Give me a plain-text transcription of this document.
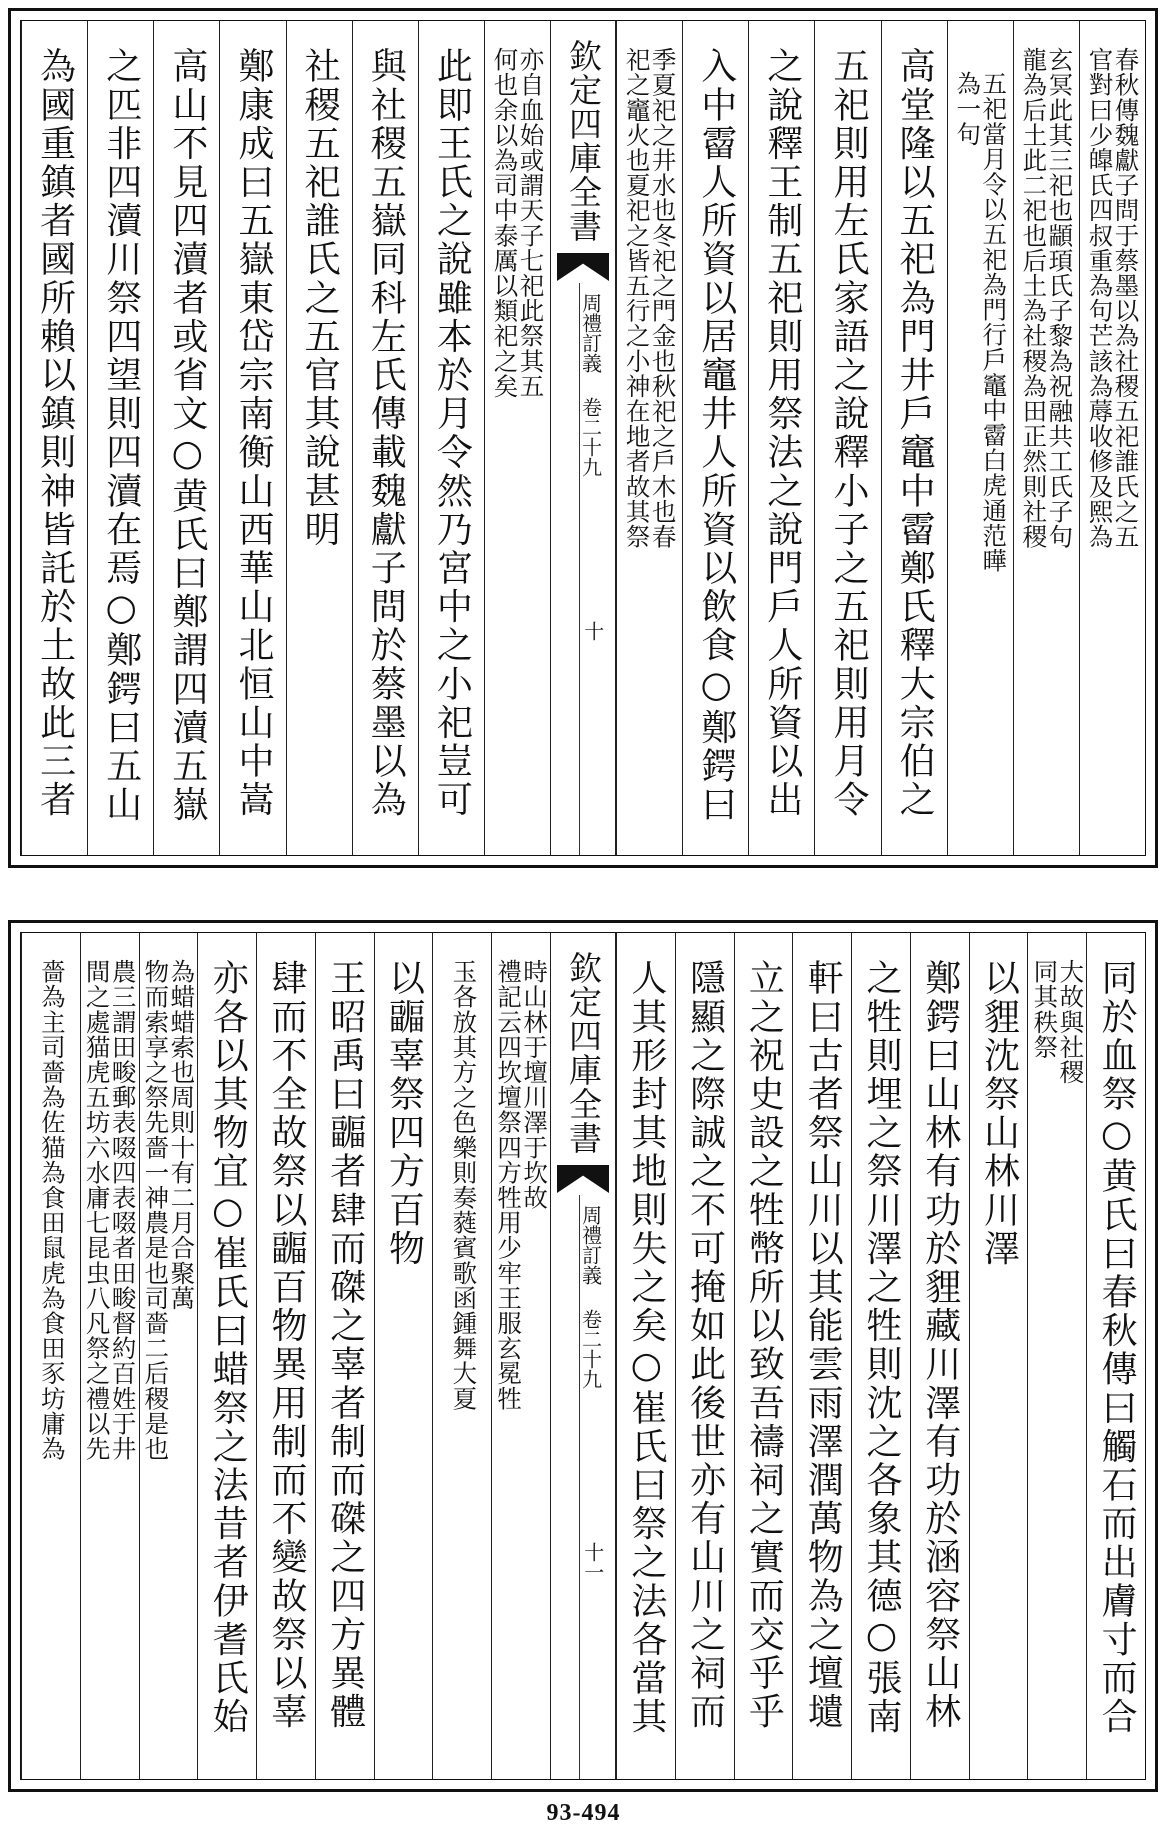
春秋傳魏獻子問于蔡墨以為社稷五祀誰氏之五
官對曰少皥氏四叔重為句芒該為蓐收修及熙為
玄冥此其三祀也顓頊氏子黎為祝融共工氏子句
龍為后土此二祀也后土為社稷為田正然則社稷
五祀當月令以五祀為門行戶竈中霤白虎通范曄
為一句
高堂隆以五祀為門井戶竈中霤鄭氏釋大宗伯之
五祀則用左氏家語之說釋小子之五祀則用月令
之說釋王制五祀則用祭法之說門戶人所資以出
入中霤人所資以居竈井人所資以飲食○鄭鍔曰
季夏祀之井水也冬祀之門金也秋祀之戶木也春
祀之竈火也夏祀之皆五行之小神在地者故其祭
欽定四庫全書
周禮訂義 卷二十九
十
亦自血始或謂天子七祀此祭其五
何也余以為司中泰厲以類祀之矣
此即王氏之說雖本於月令然乃宮中之小祀豈可
與社稷五嶽同科左氏傳載魏獻子問於蔡墨以為
社稷五祀誰氏之五官其說甚明
鄭康成曰五嶽東岱宗南衡山西華山北恒山中嵩
高山不見四瀆者或省文○黄氏曰鄭謂四瀆五嶽
之匹非四瀆川祭四望則四瀆在焉○鄭鍔曰五山
為國重鎮者國所賴以鎮則神皆託於土故此三者
同於血祭○黄氏曰春秋傳曰觸石而出膚寸而合
大故與社稷
同其秩祭
以貍沈祭山林川澤
鄭鍔曰山林有功於貍藏川澤有功於涵容祭山林
之牲則埋之祭川澤之牲則沈之各象其德○張南
軒曰古者祭山川以其能雲雨澤潤萬物為之壇壝
立之祝史設之牲幣所以致吾禱祠之實而交乎乎
隱顯之際誠之不可掩如此後世亦有山川之祠而
人其形封其地則失之矣○崔氏曰祭之法各當其
欽定四庫全書
周禮訂義 卷二十九
十一
時山林于壇川澤于坎故
禮記云四坎壇祭四方牲用少牢王服玄冕牲
玉各放其方之色樂則奏蕤賓歌函鍾舞大夏
以疈辜祭四方百物
王昭禹曰疈者肆而磔之辜者制而磔之四方異體
肆而不全故祭以疈百物異用制而不變故祭以辜
亦各以其物宜○崔氏曰蜡祭之法昔者伊耆氏始
為蜡蜡索也周則十有二月合聚萬
物而索享之祭先嗇一神農是也司嗇二后稷是也
農三謂田畯郵表啜四表啜者田畯督約百姓于井
間之處猫虎五坊六水庸七昆虫八凡祭之禮以先
嗇為主司嗇為佐猫為食田鼠虎為食田豕坊庸為
93-494
